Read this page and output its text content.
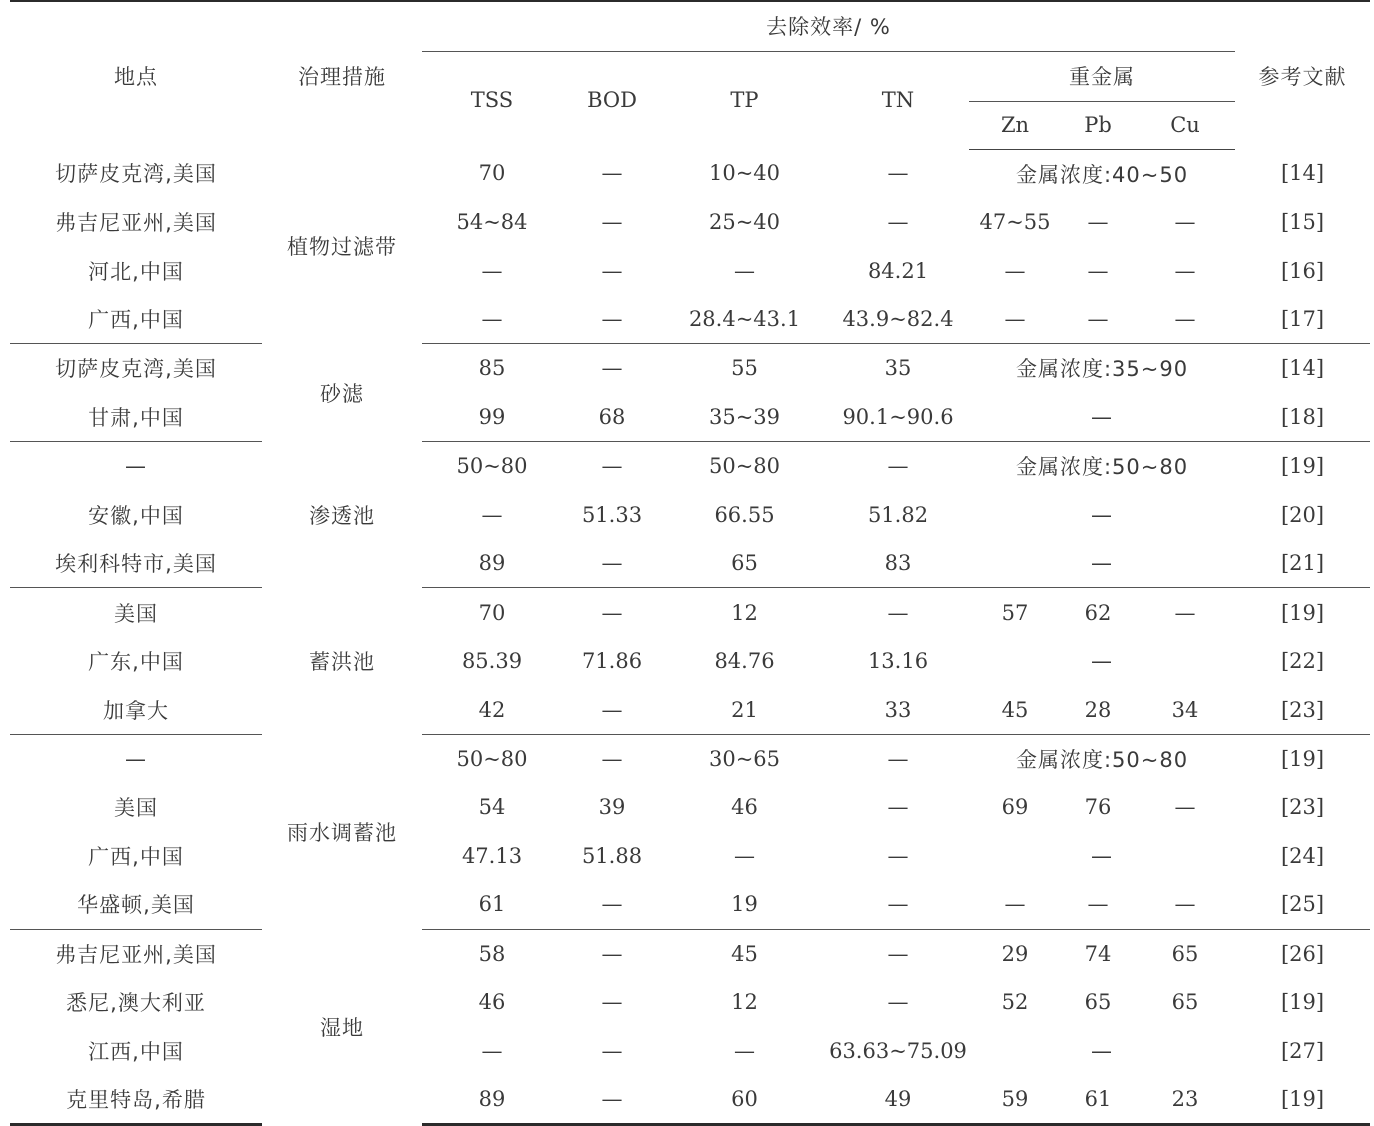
地点	治理措施	去除效率/ %							参考文献
		TSS	BOD	TP	TN	重金属			
						Zn	Pb	Cu	
切萨皮克湾,美国	植物过滤带	70	—	10~40	—	金属浓度:40~50			[14]
弗吉尼亚州,美国		54~84	—	25~40	—	47~55	—	—	[15]
河北,中国		—	—	—	84.21	—	—	—	[16]
广西,中国		—	—	28.4~43.1	43.9~82.4	—	—	—	[17]
切萨皮克湾,美国	砂滤	85	—	55	35	金属浓度:35~90			[14]
甘肃,中国		99	68	35~39	90.1~90.6	—			[18]
—	渗透池	50~80	—	50~80	—	金属浓度:50~80			[19]
安徽,中国		—	51.33	66.55	51.82	—			[20]
埃利科特市,美国		89	—	65	83	—			[21]
美国	蓄洪池	70	—	12	—	57	62	—	[19]
广东,中国		85.39	71.86	84.76	13.16	—			[22]
加拿大		42	—	21	33	45	28	34	[23]
—	雨水调蓄池	50~80	—	30~65	—	金属浓度:50~80			[19]
美国		54	39	46	—	69	76	—	[23]
广西,中国		47.13	51.88	—	—	—			[24]
华盛顿,美国		61	—	19	—	—	—	—	[25]
弗吉尼亚州,美国	湿地	58	—	45	—	29	74	65	[26]
悉尼,澳大利亚		46	—	12	—	52	65	65	[19]
江西,中国		—	—	—	63.63~75.09	—			[27]
克里特岛,希腊		89	—	60	49	59	61	23	[19]
